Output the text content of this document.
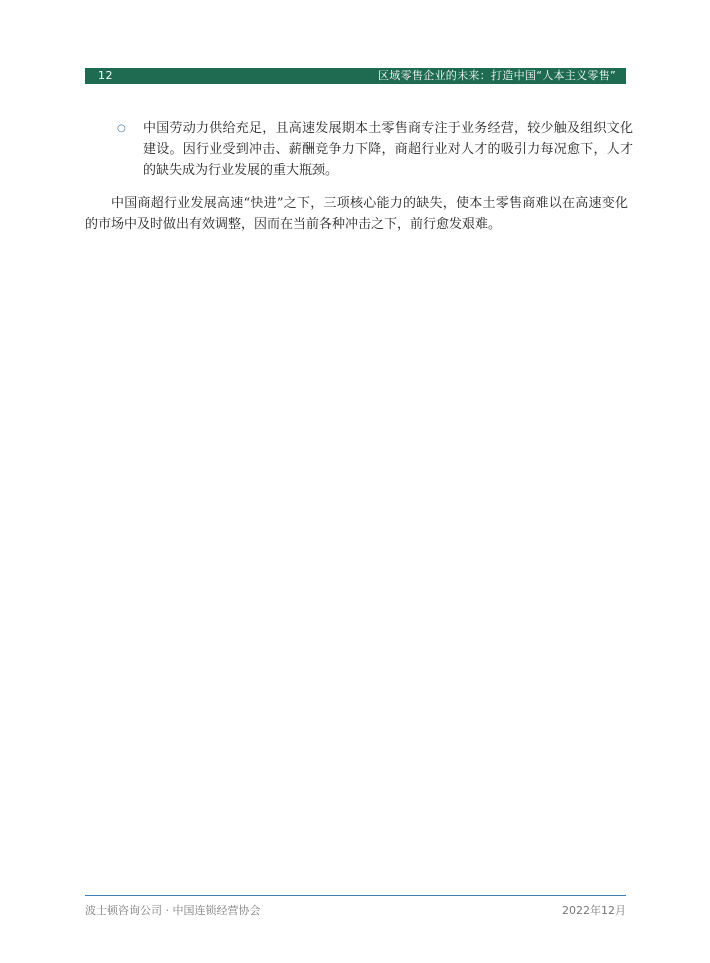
12	区域零售企业的未来：打造中国“人本主义零售”
○ 中国劳动力供给充足，且高速发展期本土零售商专注于业务经营，较少触及组织文化建设。因行业受到冲击、薪酬竞争力下降，商超行业对人才的吸引力每况愈下，人才的缺失成为行业发展的重大瓶颈。

中国商超行业发展高速“快进”之下，三项核心能力的缺失，使本土零售商难以在高速变化的市场中及时做出有效调整，因而在当前各种冲击之下，前行愈发艰难。

波士顿咨询公司 · 中国连锁经营协会	2022年12月
